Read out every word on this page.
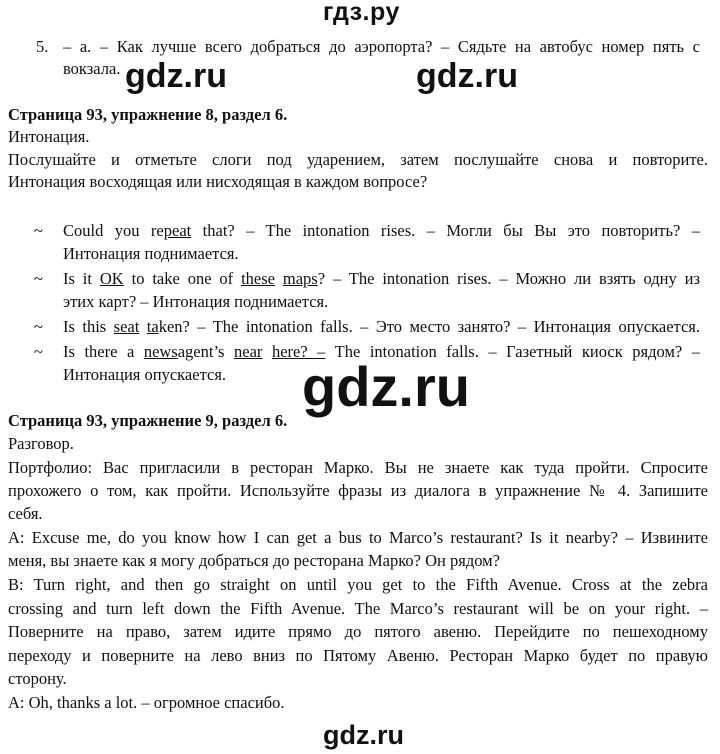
гдз.ру
5. – a. – Как лучше всего добраться до аэропорта? – Сядьте на автобус номер пять с
вокзала. gdz.ru	gdz.ru
Страница 93, упражнение 8, раздел 6.
Интонация.
Послушайте и отметьте слоги под ударением, затем послушайте снова и повторите.
Интонация восходящая или нисходящая в каждом вопросе?
~ Could you repeat that? – The intonation rises. – Могли бы Вы это повторить? –
Интонация поднимается.
~ Is it OK to take one of these maps? – The intonation rises. – Можно ли взять одну из
этих карт? – Интонация поднимается.
~ Is this seat taken? – The intonation falls. – Это место занято? – Интонация опускается.
~ Is there a newsagent’s near here? – The intonation falls. – Газетный киоск рядом? –
Интонация опускается. gdz.ru
Страница 93, упражнение 9, раздел 6.
Разговор.
Портфолио: Вас пригласили в ресторан Марко. Вы не знаете как туда пройти. Спросите
прохожего о том, как пройти. Используйте фразы из диалога в упражнение № 4. Запишите
себя.
A: Excuse me, do you know how I can get a bus to Marco’s restaurant? Is it nearby? – Извините
меня, вы знаете как я могу добраться до ресторана Марко? Он рядом?
B: Turn right, and then go straight on until you get to the Fifth Avenue. Cross at the zebra
crossing and turn left down the Fifth Avenue. The Marco’s restaurant will be on your right. –
Поверните на право, затем идите прямо до пятого авеню. Перейдите по пешеходному
переходу и поверните на лево вниз по Пятому Авеню. Ресторан Марко будет по правую
сторону.
A: Oh, thanks a lot. – огромное спасибо.
gdz.ru
